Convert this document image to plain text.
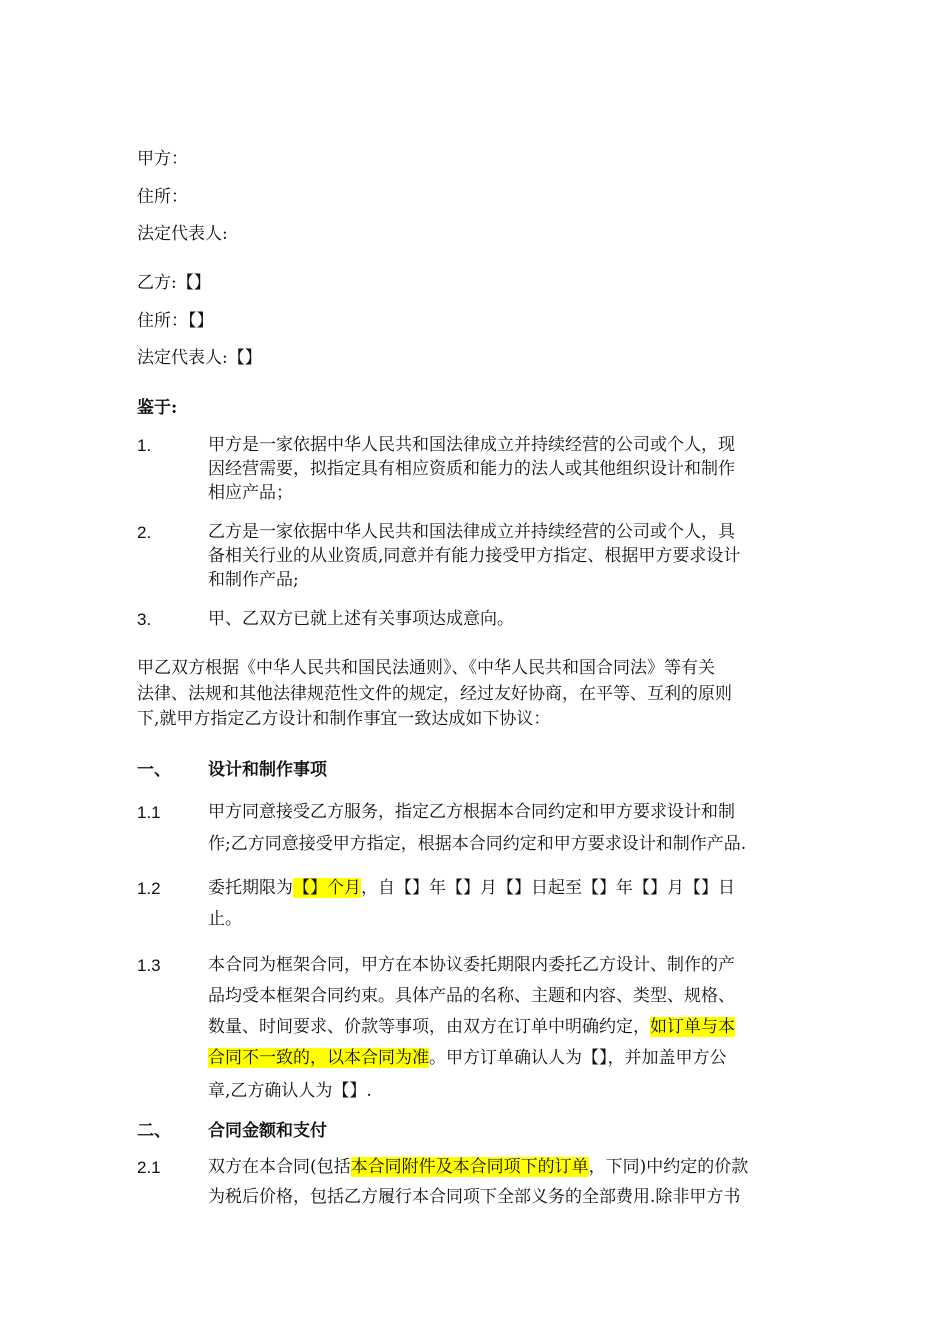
甲方：
住所：
法定代表人:
乙方:【】
住所：【】
法定代表人:【】
鉴于:
1.	甲方是一家依据中华人民共和国法律成立并持续经营的公司或个人，现
因经营需要，拟指定具有相应资质和能力的法人或其他组织设计和制作
相应产品；
2.	乙方是一家依据中华人民共和国法律成立并持续经营的公司或个人，具
备相关行业的从业资质,同意并有能力接受甲方指定、根据甲方要求设计
和制作产品;
3.	甲、乙双方已就上述有关事项达成意向。
甲乙双方根据《中华人民共和国民法通则》、《中华人民共和国合同法》等有关
法律、法规和其他法律规范性文件的规定，经过友好协商，在平等、互利的原则
下,就甲方指定乙方设计和制作事宜一致达成如下协议：
一、 设计和制作事项
1.1	甲方同意接受乙方服务，指定乙方根据本合同约定和甲方要求设计和制
作;乙方同意接受甲方指定，根据本合同约定和甲方要求设计和制作产品.
1.2	委托期限为【】个月，自【】年【】月【】日起至【】年【】月【】日
止。
1.3	本合同为框架合同，甲方在本协议委托期限内委托乙方设计、制作的产
品均受本框架合同约束。具体产品的名称、主题和内容、类型、规格、
数量、时间要求、价款等事项，由双方在订单中明确约定，如订单与本
合同不一致的，以本合同为准。甲方订单确认人为【】，并加盖甲方公
章,乙方确认人为【】.
二、 合同金额和支付
2.1	双方在本合同(包括本合同附件及本合同项下的订单，下同)中约定的价款
为税后价格，包括乙方履行本合同项下全部义务的全部费用.除非甲方书
